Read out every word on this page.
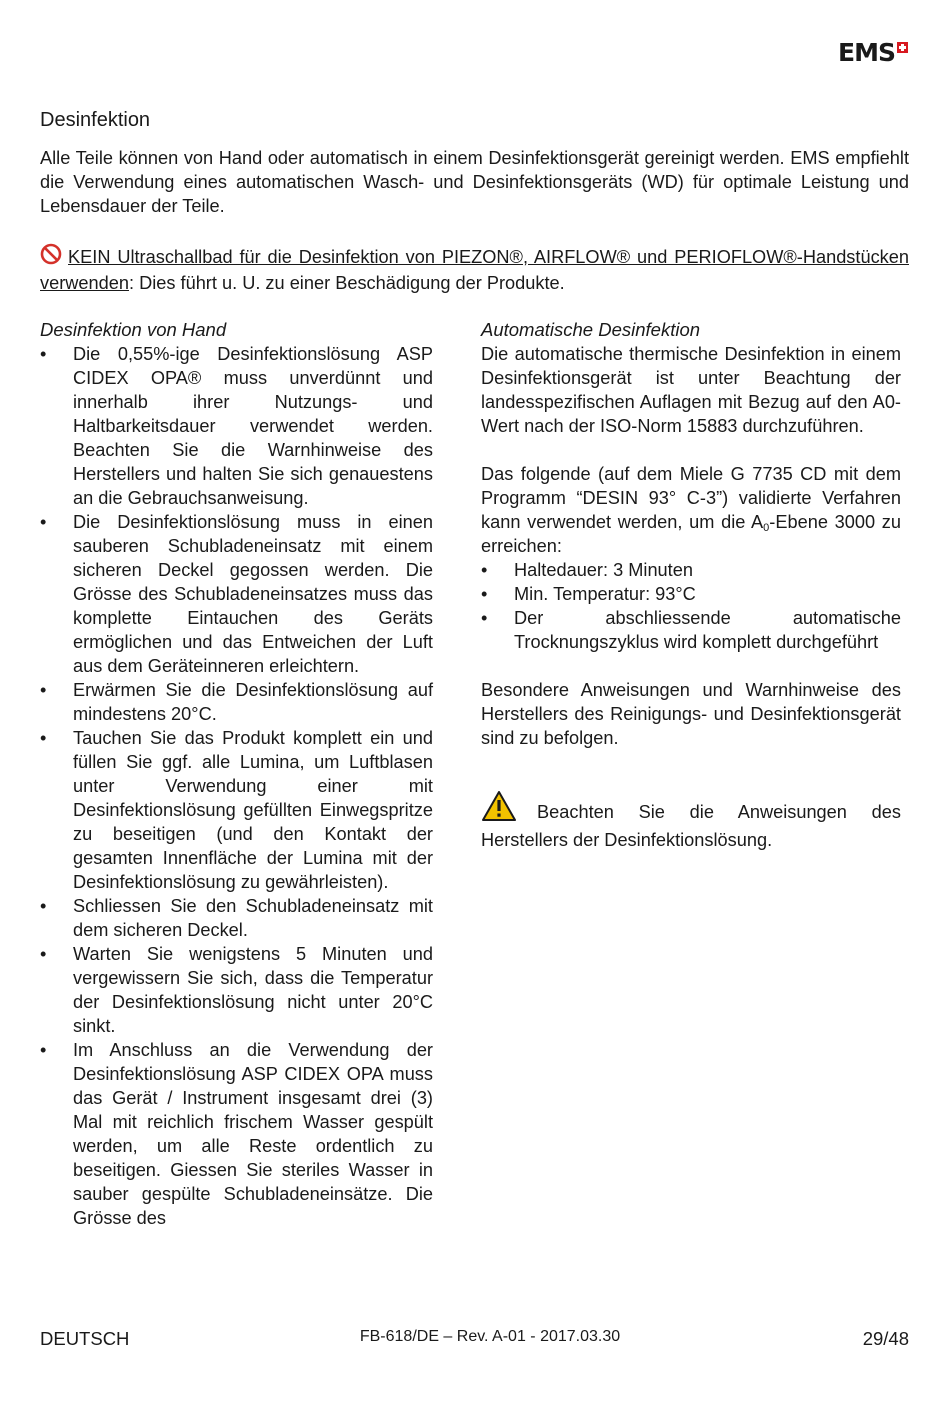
EMS
Desinfektion

Alle Teile können von Hand oder automatisch in einem Desinfektionsgerät gereinigt werden. EMS empfiehlt die Verwendung eines automatischen Wasch- und Desinfektionsgeräts (WD) für optimale Leistung und Lebensdauer der Teile.

KEIN Ultraschallbad für die Desinfektion von PIEZON®, AIRFLOW® und PERIOFLOW®-Handstücken verwenden: Dies führt u. U. zu einer Beschädigung der Produkte.

Desinfektion von Hand
• Die 0,55%-ige Desinfektionslösung ASP CIDEX OPA® muss unverdünnt und innerhalb ihrer Nutzungs- und Haltbarkeitsdauer verwendet werden. Beachten Sie die Warnhinweise des Herstellers und halten Sie sich genauestens an die Gebrauchsanweisung.
• Die Desinfektionslösung muss in einen sauberen Schubladeneinsatz mit einem sicheren Deckel gegossen werden. Die Grösse des Schubladeneinsatzes muss das komplette Eintauchen des Geräts ermöglichen und das Entweichen der Luft aus dem Geräteinneren erleichtern.
• Erwärmen Sie die Desinfektionslösung auf mindestens 20°C.
• Tauchen Sie das Produkt komplett ein und füllen Sie ggf. alle Lumina, um Luftblasen unter Verwendung einer mit Desinfektionslösung gefüllten Einwegspritze zu beseitigen (und den Kontakt der gesamten Innenfläche der Lumina mit der Desinfektionslösung zu gewährleisten).
• Schliessen Sie den Schubladeneinsatz mit dem sicheren Deckel.
• Warten Sie wenigstens 5 Minuten und vergewissern Sie sich, dass die Temperatur der Desinfektionslösung nicht unter 20°C sinkt.
• Im Anschluss an die Verwendung der Desinfektionslösung ASP CIDEX OPA muss das Gerät / Instrument insgesamt drei (3) Mal mit reichlich frischem Wasser gespült werden, um alle Reste ordentlich zu beseitigen. Giessen Sie steriles Wasser in sauber gespülte Schubladeneinsätze. Die Grösse des
Automatische Desinfektion

Die automatische thermische Desinfektion in einem Desinfektionsgerät ist unter Beachtung der landesspezifischen Auflagen mit Bezug auf den A0-Wert nach der ISO-Norm 15883 durchzuführen.

Das folgende (auf dem Miele G 7735 CD mit dem Programm “DESIN 93° C-3”) validierte Verfahren kann verwendet werden, um die $A_0$-Ebene 3000 zu erreichen:

• Haltedauer: 3 Minuten
• Min. Temperatur: 93°C
• Der abschliessende automatische Trocknungszyklus wird komplett durchgeführt

Besondere Anweisungen und Warnhinweise des Herstellers des Reinigungs- und Desinfektionsgerät sind zu befolgen.

Beachten Sie die Anweisungen des Herstellers der Desinfektionslösung.

DEUTSCH	FB-618/DE – Rev. A-01 - 2017.03.30	29/48
